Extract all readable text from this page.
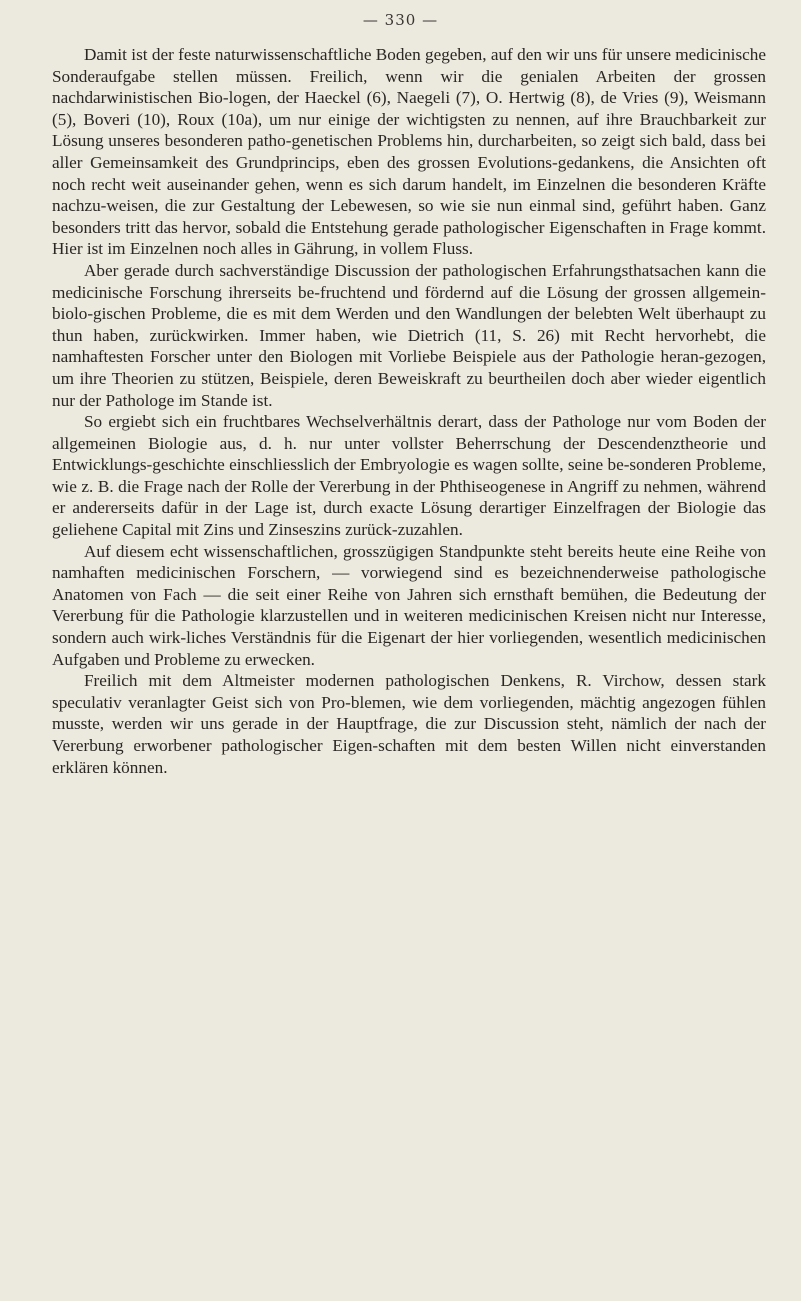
— 330 —

Damit ist der feste naturwissenschaftliche Boden gegeben, auf den wir uns für unsere medicinische Sonderaufgabe stellen müssen. Freilich, wenn wir die genialen Arbeiten der grossen nachdarwinistischen Bio-logen, der Haeckel (6), Naegeli (7), O. Hertwig (8), de Vries (9), Weismann (5), Boveri (10), Roux (10a), um nur einige der wichtigsten zu nennen, auf ihre Brauchbarkeit zur Lösung unseres besonderen patho-genetischen Problems hin, durcharbeiten, so zeigt sich bald, dass bei aller Gemeinsamkeit des Grundprincips, eben des grossen Evolutions-gedankens, die Ansichten oft noch recht weit auseinander gehen, wenn es sich darum handelt, im Einzelnen die besonderen Kräfte nachzu-weisen, die zur Gestaltung der Lebewesen, so wie sie nun einmal sind, geführt haben. Ganz besonders tritt das hervor, sobald die Entstehung gerade pathologischer Eigenschaften in Frage kommt. Hier ist im Einzelnen noch alles in Gährung, in vollem Fluss.

Aber gerade durch sachverständige Discussion der pathologischen Erfahrungsthatsachen kann die medicinische Forschung ihrerseits be-fruchtend und fördernd auf die Lösung der grossen allgemein-biolo-gischen Probleme, die es mit dem Werden und den Wandlungen der belebten Welt überhaupt zu thun haben, zurückwirken. Immer haben, wie Dietrich (11, S. 26) mit Recht hervorhebt, die namhaftesten Forscher unter den Biologen mit Vorliebe Beispiele aus der Pathologie heran-gezogen, um ihre Theorien zu stützen, Beispiele, deren Beweiskraft zu beurtheilen doch aber wieder eigentlich nur der Pathologe im Stande ist.

So ergiebt sich ein fruchtbares Wechselverhältnis derart, dass der Pathologe nur vom Boden der allgemeinen Biologie aus, d. h. nur unter vollster Beherrschung der Descendenztheorie und Entwicklungs-geschichte einschliesslich der Embryologie es wagen sollte, seine be-sonderen Probleme, wie z. B. die Frage nach der Rolle der Vererbung in der Phthiseogenese in Angriff zu nehmen, während er andererseits dafür in der Lage ist, durch exacte Lösung derartiger Einzelfragen der Biologie das geliehene Capital mit Zins und Zinseszins zurück-zuzahlen.

Auf diesem echt wissenschaftlichen, grosszügigen Standpunkte steht bereits heute eine Reihe von namhaften medicinischen Forschern, — vorwiegend sind es bezeichnenderweise pathologische Anatomen von Fach — die seit einer Reihe von Jahren sich ernsthaft bemühen, die Bedeutung der Vererbung für die Pathologie klarzustellen und in weiteren medicinischen Kreisen nicht nur Interesse, sondern auch wirk-liches Verständnis für die Eigenart der hier vorliegenden, wesentlich medicinischen Aufgaben und Probleme zu erwecken.

Freilich mit dem Altmeister modernen pathologischen Denkens, R. Virchow, dessen stark speculativ veranlagter Geist sich von Pro-blemen, wie dem vorliegenden, mächtig angezogen fühlen musste, werden wir uns gerade in der Hauptfrage, die zur Discussion steht, nämlich der nach der Vererbung erworbener pathologischer Eigen-schaften mit dem besten Willen nicht einverstanden erklären können.
